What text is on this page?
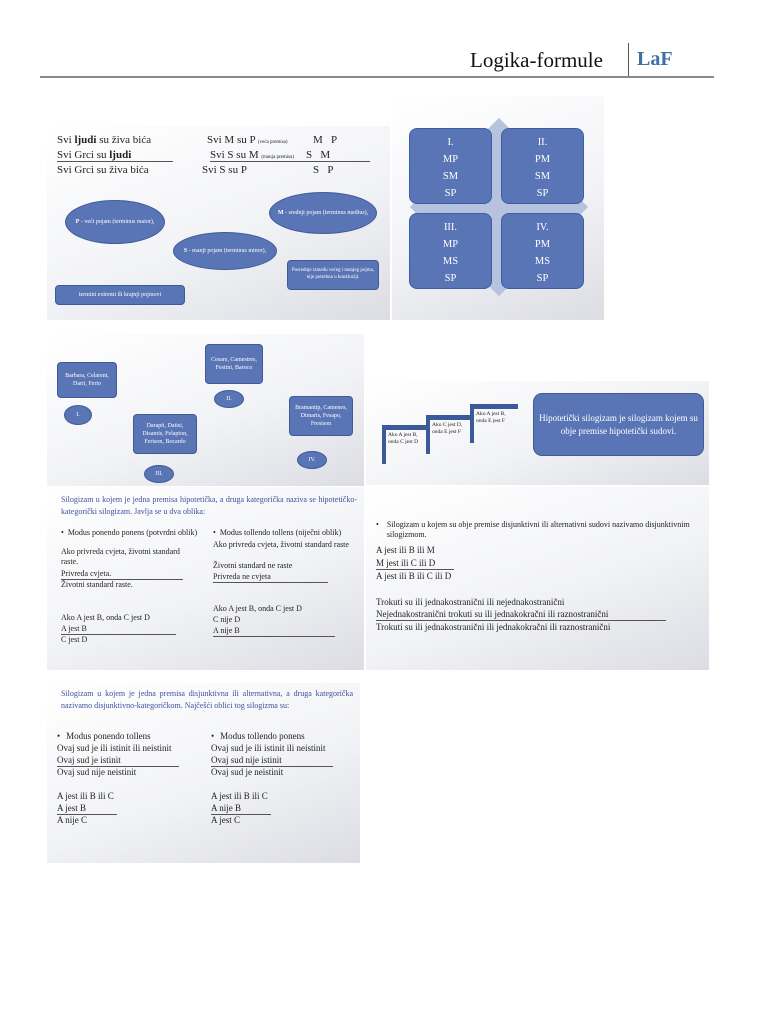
Logika-formule LaF
Svi ljudi su živa bića	Svi M su P (veća premisa) M   P
Svi Grci su ljudi	Svi S su M (manja premisa) S   M
Svi Grci su živa bića	Svi S su P	S   P
P - veći pojam (terminus maior),
M - srednji pojam (terminus medius),
S - manji pojam (terminus minor),
Posrednje između većeg i manjeg pojma, nije potrebna u konkluziji.
termini extremi ili krajnji pojmovi
I.
MP
SM
SP
II.
PM
SM
SP
III.
MP
MS
SP
IV.
PM
MS
SP
Barbara, Celarent, Darii, Ferio
I.
Cesare, Camestres, Festini, Baroco
II.
Darapti, Datisi, Disamis, Felapton, Ferison, Bocardo
III.
Bramantip, Camenes, Dimaris, Fesapo, Fresison
IV.
Ako A jest B, onda C jest D
Ako C jest D, onda E jest F
Ako A jest B, onda E jest F	Hipotetički silogizam je silogizam kojem su obje premise hipotetički sudovi.
Silogizam u kojem je jedna premisa hipotetička, a druga kategorička naziva se hipotetičko-kategorički silogizam. Javlja se u dva oblika:
• Modus ponendo ponens (potvrdni oblik)
Ako privreda cvjeta, životni standard raste.
Privreda cvjeta.
Životni standard raste.
Ako A jest B, onda C jest D
A jest B
C jest D
• Modus tollendo tollens (niječni oblik)
Ako privreda cvjeta, životni standard raste
Životni standard ne raste
Privreda ne cvjeta
Ako A jest B, onda C jest D
C nije D
A nije B
• Silogizam u kojem su obje premise disjunktivni ili alternativni sudovi nazivamo disjunktivnim silogizmom.
A jest ili B ili M
M jest ili C ili D
A jest ili B ili C ili D
Trokuti su ili jednakostranični ili nejednakostranični
Nejednakostranični trokuti su ili jednakokračni ili raznostranični
Trokuti su ili jednakostranični ili jednakokračni ili raznostranični
Silogizam u kojem je jedna premisa disjunktivna ili alternativna, a druga kategorička nazivamo disjunktivno-kategoričkom. Najčešći oblici tog silogizma su:
• Modus ponendo tollens
Ovaj sud je ili istinit ili neistinit
Ovaj sud je istinit
Ovaj sud nije neistinit
A jest ili B ili C
A jest B
A nije C
• Modus tollendo ponens
Ovaj sud je ili istinit ili neistinit
Ovaj sud nije istinit
Ovaj sud je neistinit
A jest ili B ili C
A nije B
A jest C
